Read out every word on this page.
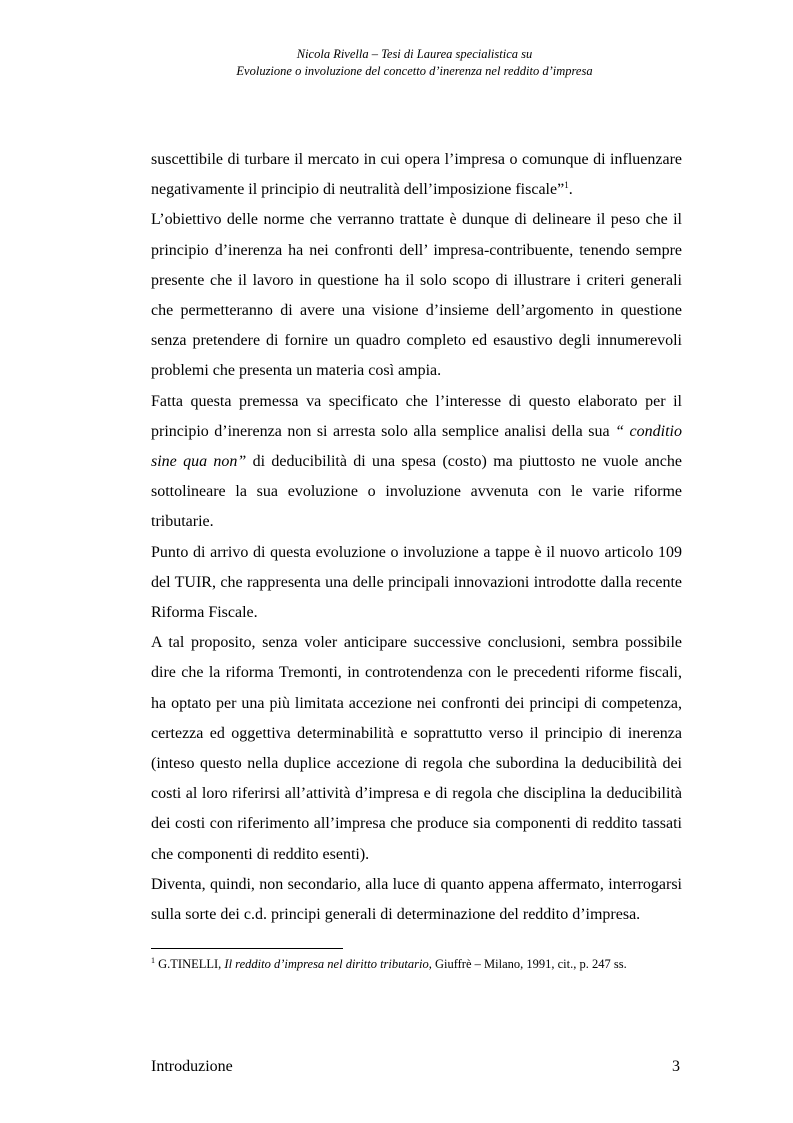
Nicola Rivella – Tesi di Laurea specialistica su
Evoluzione o involuzione del concetto d’inerenza nel reddito d’impresa

suscettibile di turbare il mercato in cui opera l’impresa o comunque di influenzare negativamente il principio di neutralità dell’imposizione fiscale”$^1$.

L’obiettivo delle norme che verranno trattate è dunque di delineare il peso che il principio d’inerenza ha nei confronti dell’ impresa-contribuente, tenendo sempre presente che il lavoro in questione ha il solo scopo di illustrare i criteri generali che permetteranno di avere una visione d’insieme dell’argomento in questione senza pretendere di fornire un quadro completo ed esaustivo degli innumerevoli problemi che presenta un materia così ampia.

Fatta questa premessa va specificato che l’interesse di questo elaborato per il principio d’inerenza non si arresta solo alla semplice analisi della sua “ conditio sine qua non” di deducibilità di una spesa (costo) ma piuttosto ne vuole anche sottolineare la sua evoluzione o involuzione avvenuta con le varie riforme tributarie.

Punto di arrivo di questa evoluzione o involuzione a tappe è il nuovo articolo 109 del TUIR, che rappresenta una delle principali innovazioni introdotte dalla recente Riforma Fiscale.

A tal proposito, senza voler anticipare successive conclusioni, sembra possibile dire che la riforma Tremonti, in controtendenza con le precedenti riforme fiscali, ha optato per una più limitata accezione nei confronti dei principi di competenza, certezza ed oggettiva determinabilità e soprattutto verso il principio di inerenza (inteso questo nella duplice accezione di regola che subordina la deducibilità dei costi al loro riferirsi all’attività d’impresa e di regola che disciplina la deducibilità dei costi con riferimento all’impresa che produce sia componenti di reddito tassati che componenti di reddito esenti).

Diventa, quindi, non secondario, alla luce di quanto appena affermato, interrogarsi sulla sorte dei c.d. principi generali di determinazione del reddito d’impresa.

$^1$ G.TINELLI, Il reddito d’impresa nel diritto tributario, Giuffrè – Milano, 1991, cit., p. 247 ss.
Introduzione	3
